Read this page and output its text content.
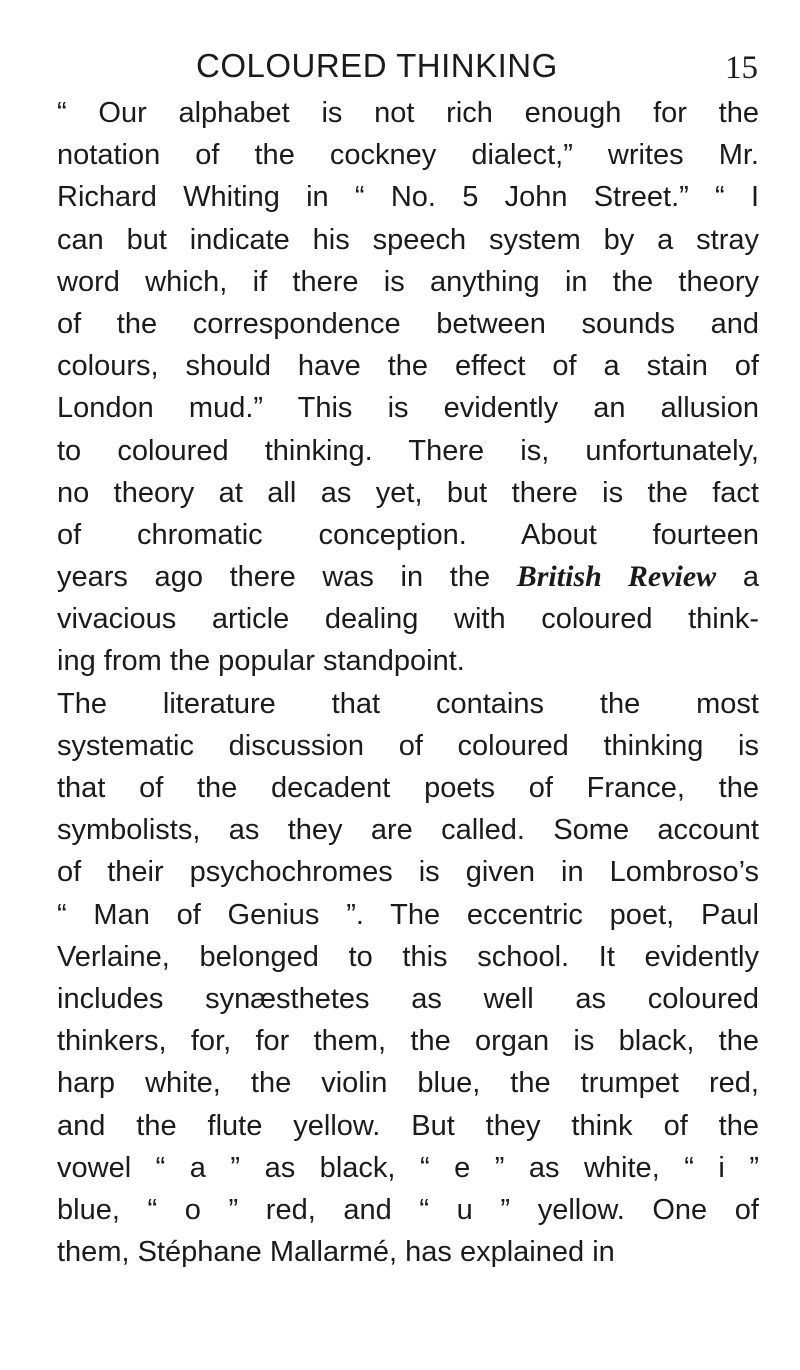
COLOURED THINKING	15
“ Our alphabet is not rich enough for the
notation of the cockney dialect,” writes Mr.
Richard Whiting in “ No. 5 John Street.” “ I
can but indicate his speech system by a stray
word which, if there is anything in the theory
of the correspondence between sounds and
colours, should have the effect of a stain of
London mud.” This is evidently an allusion
to coloured thinking. There is, unfortunately,
no theory at all as yet, but there is the fact
of chromatic conception. About fourteen
years ago there was in the British Review a
vivacious article dealing with coloured think-
ing from the popular standpoint.
The literature that contains the most
systematic discussion of coloured thinking is
that of the decadent poets of France, the
symbolists, as they are called. Some account
of their psychochromes is given in Lombroso’s
“ Man of Genius ”. The eccentric poet, Paul
Verlaine, belonged to this school. It evidently
includes synæsthetes as well as coloured
thinkers, for, for them, the organ is black, the
harp white, the violin blue, the trumpet red,
and the flute yellow. But they think of the
vowel “ a ” as black, “ e ” as white, “ i ”
blue, “ o ” red, and “ u ” yellow. One of
them, Stéphane Mallarmé, has explained in
